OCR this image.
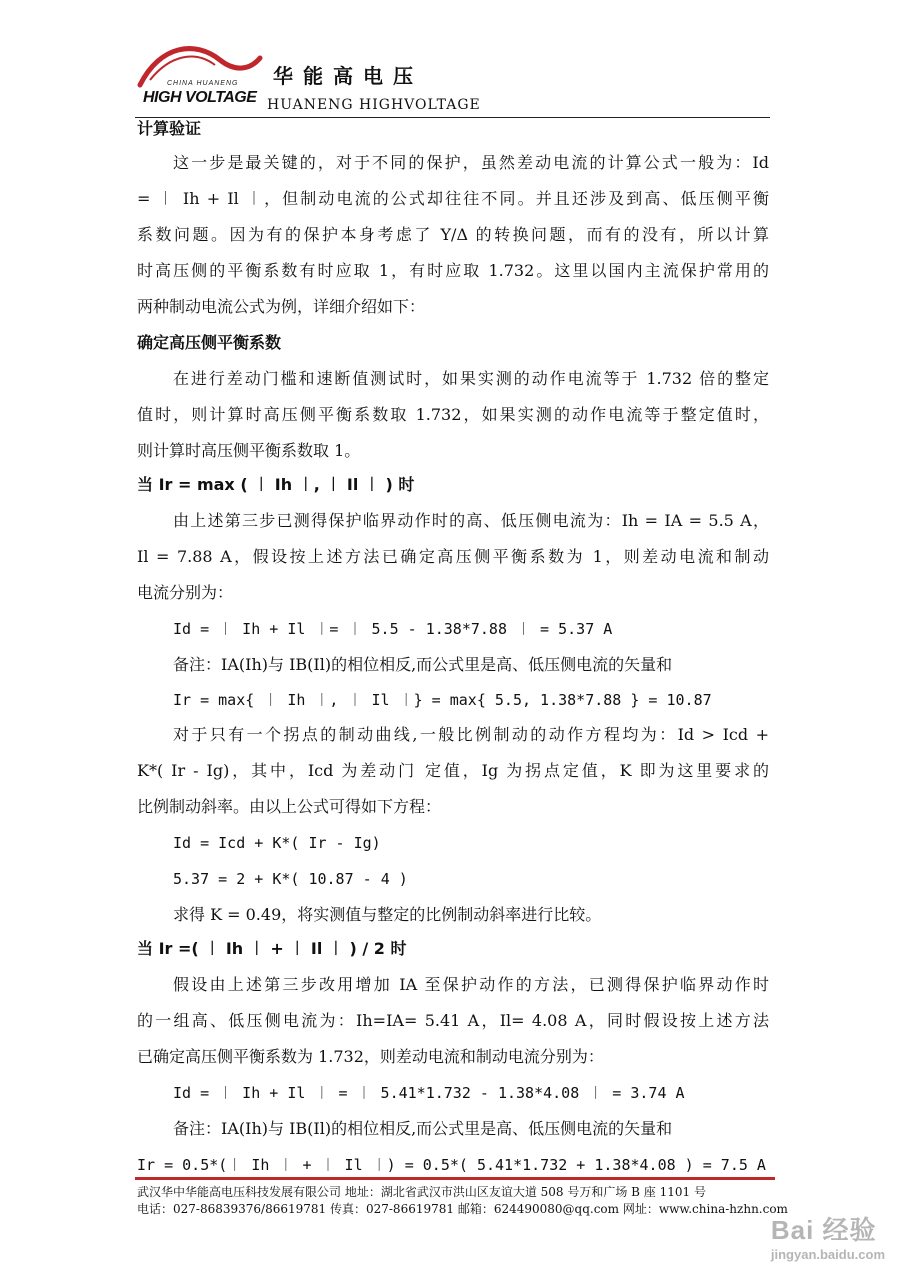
CHINA HUANENG
HIGH VOLTAGE
华能高电压
HUANENG HIGHVOLTAGE
计算验证
这一步是最关键的，对于不同的保护，虽然差动电流的计算公式一般为：Id
= ︱ Ih + Il ︱，但制动电流的公式却往往不同。并且还涉及到高、低压侧平衡
系数问题。因为有的保护本身考虑了 Y/Δ 的转换问题，而有的没有，所以计算
时高压侧的平衡系数有时应取 1，有时应取 1.732。这里以国内主流保护常用的
两种制动电流公式为例，详细介绍如下：
确定高压侧平衡系数
在进行差动门槛和速断值测试时，如果实测的动作电流等于 1.732 倍的整定
值时，则计算时高压侧平衡系数取 1.732，如果实测的动作电流等于整定值时，
则计算时高压侧平衡系数取 1。
当 Ir = max ( ︱ Ih ︱, ︱ Il ︱ ) 时
由上述第三步已测得保护临界动作时的高、低压侧电流为：Ih = IA = 5.5 A，
Il = 7.88 A，假设按上述方法已确定高压侧平衡系数为 1，则差动电流和制动
电流分别为：
Id = ︱ Ih + Il ︱= ︱ 5.5 - 1.38*7.88 ︱ = 5.37 A
备注：IA(Ih)与 IB(Il)的相位相反,而公式里是高、低压侧电流的矢量和
Ir = max{ ︱ Ih ︱, ︱ Il ︱} = max{ 5.5, 1.38*7.88 } = 10.87
对于只有一个拐点的制动曲线,一般比例制动的动作方程均为：Id > Icd +
K*( Ir - Ig)，其中，Icd 为差动门 定值，Ig 为拐点定值，K 即为这里要求的
比例制动斜率。由以上公式可得如下方程：
Id = Icd + K*( Ir - Ig)
5.37 = 2 + K*( 10.87 - 4 )
求得 K = 0.49，将实测值与整定的比例制动斜率进行比较。
当 Ir =( ︱ Ih ︱ + ︱ Il ︱ ) / 2 时
假设由上述第三步改用增加 IA 至保护动作的方法，已测得保护临界动作时
的一组高、低压侧电流为：Ih=IA= 5.41 A，Il= 4.08 A，同时假设按上述方法
已确定高压侧平衡系数为 1.732，则差动电流和制动电流分别为：
Id = ︱ Ih + Il ︱ = ︱ 5.41*1.732 - 1.38*4.08 ︱ = 3.74 A
备注：IA(Ih)与 IB(Il)的相位相反,而公式里是高、低压侧电流的矢量和
Ir = 0.5*(︱ Ih ︱ + ︱ Il ︱) = 0.5*( 5.41*1.732 + 1.38*4.08 ) = 7.5 A
武汉华中华能高电压科技发展有限公司 地址：湖北省武汉市洪山区友谊大道 508 号万和广场 B 座 1101 号
电话：027-86839376/86619781 传真：027-86619781 邮箱：624490080@qq.com 网址：www.china-hzhn.com
Bai 经验
jingyan.baidu.com
